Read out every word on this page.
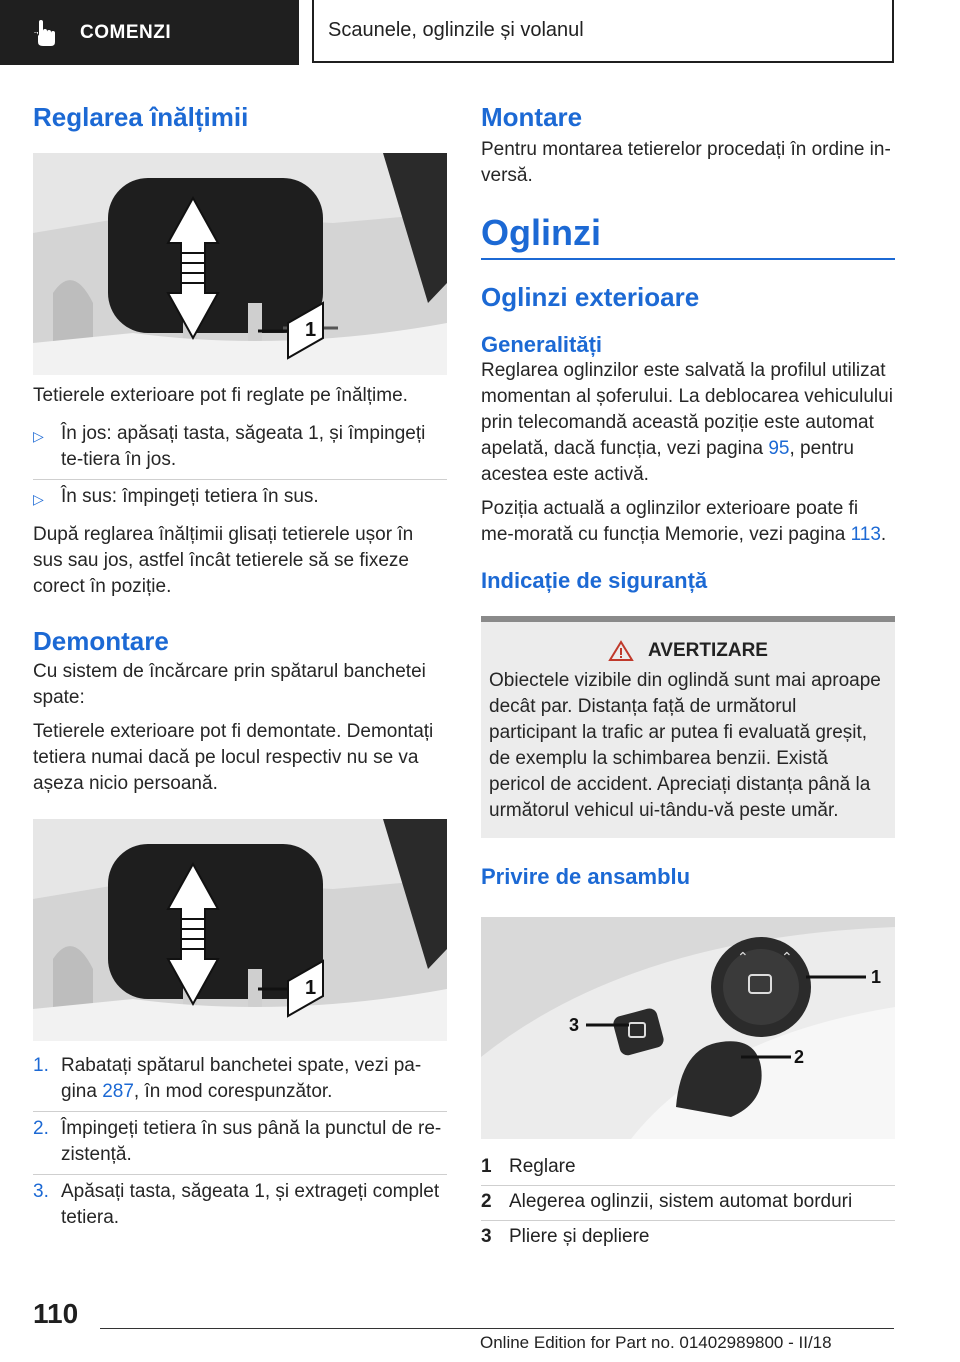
COMENZI	Scaunele, oglinzile și volanul
Reglarea înălțimii
1

Tetierele exterioare pot fi reglate pe înălțime.

▷ În jos: apăsați tasta, săgeata 1, și împingeți te-tiera în jos.
▷ În sus: împingeți tetiera în sus.

După reglarea înălțimii glisați tetierele ușor în sus sau jos, astfel încât tetierele să se fixeze corect în poziție.

Demontare

Cu sistem de încărcare prin spătarul banchetei spate:

Tetierele exterioare pot fi demontate. Demontați tetiera numai dacă pe locul respectiv nu se va așeza nicio persoană.

1
1. Rabatați spătarul banchetei spate, vezi pa-gina 287, în mod corespunzător.
2. Împingeți tetiera în sus până la punctul de re-zistență.
3. Apăsați tasta, săgeata 1, și extrageți complet tetiera.
Montare

Pentru montarea tetierelor procedați în ordine in-versă.

Oglinzi
Oglinzi exterioare
Generalități

Reglarea oglinzilor este salvată la profilul utilizat momentan al șoferului. La deblocarea vehiculului prin telecomandă această poziție este automat apelată, dacă funcția, vezi pagina 95, pentru acestea este activă.

Poziția actuală a oglinzilor exterioare poate fi me-morată cu funcția Memorie, vezi pagina 113.

Indicație de siguranță
AVERTIZARE

Obiectele vizibile din oglindă sunt mai aproape decât par. Distanța față de următorul participant la trafic ar putea fi evaluată greșit, de exemplu la schimbarea benzii. Există pericol de accident. Apreciați distanța până la următorul vehicul ui-tându-vă peste umăr.

Privire de ansamblu
⌃ ⌃
1
2
3
1 Reglare
2 Alegerea oglinzii, sistem automat borduri
3 Pliere și depliere
110
Online Edition for Part no. 01402989800 - II/18
